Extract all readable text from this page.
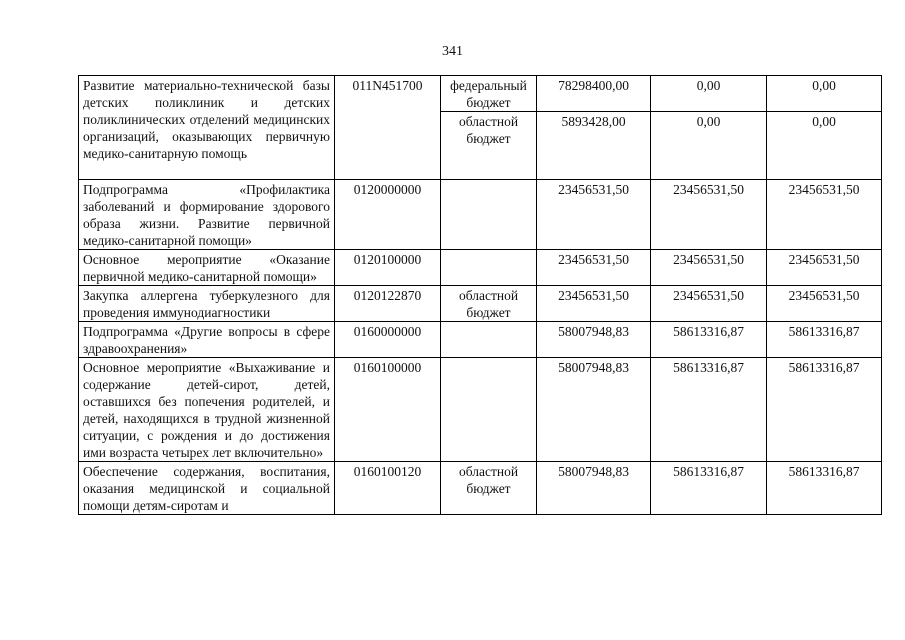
341
Развитие материально-технической базы детских поликлиник и детских поликлинических отделений медицинских организаций, оказывающих первичную медико-санитарную помощь	011N451700	федеральный бюджет	78298400,00	0,00	0,00
		областной бюджет	5893428,00	0,00	0,00
Подпрограмма «Профилактика заболеваний и формирование здорового образа жизни. Развитие первичной медико-санитарной помощи»	0120000000		23456531,50	23456531,50	23456531,50
Основное мероприятие «Оказание первичной медико-санитарной помощи»	0120100000		23456531,50	23456531,50	23456531,50
Закупка аллергена туберкулезного для проведения иммунодиагностики	0120122870	областной бюджет	23456531,50	23456531,50	23456531,50
Подпрограмма «Другие вопросы в сфере здравоохранения»	0160000000		58007948,83	58613316,87	58613316,87
Основное мероприятие «Выхаживание и содержание детей-сирот, детей, оставшихся без попечения родителей, и детей, находящихся в трудной жизненной ситуации, с рождения и до достижения ими возраста четырех лет включительно»	0160100000		58007948,83	58613316,87	58613316,87
Обеспечение содержания, воспитания, оказания медицинской и социальной помощи детям-сиротам и	0160100120	областной бюджет	58007948,83	58613316,87	58613316,87
